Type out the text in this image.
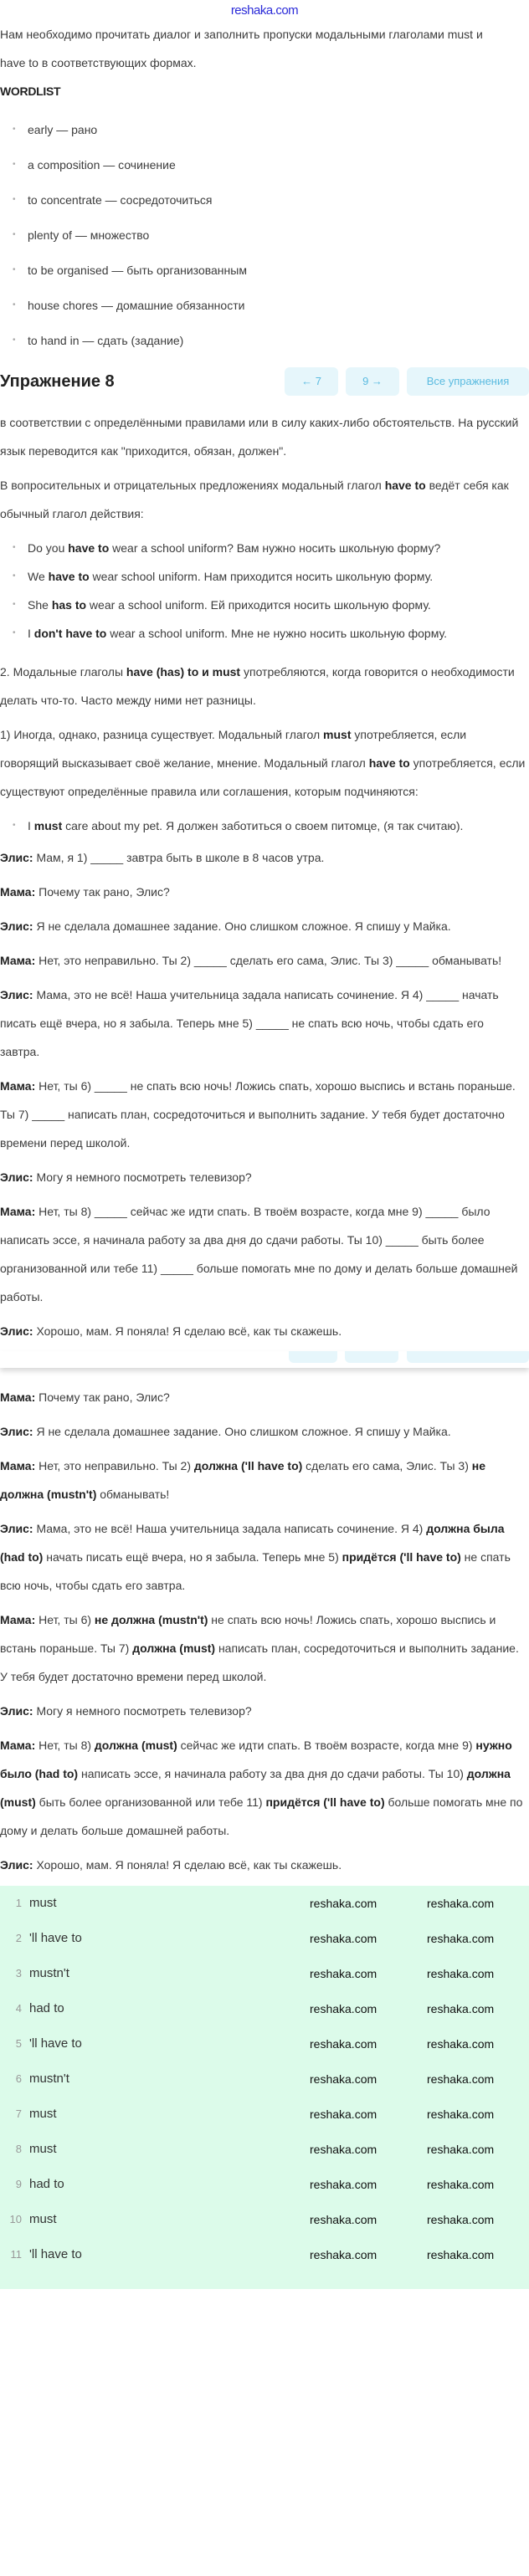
reshaka.com

Нам необходимо прочитать диалог и заполнить пропуски модальными глаголами must и have to в соответствующих формах.

WORDLIST

• early — рано
• a composition — сочинение
• to concentrate — сосредоточиться
• plenty of — множество
• to be organised — быть организованным
• house chores — домашние обязанности
• to hand in — сдать (задание)
Упражнение 8	← 7	9 →	Все упражнения

в соответствии с определёнными правилами или в силу каких-либо обстоятельств. На русский язык переводится как "приходится, обязан, должен".

В вопросительных и отрицательных предложениях модальный глагол have to ведёт себя как обычный глагол действия:

• Do you have to wear a school uniform? Вам нужно носить школьную форму?
• We have to wear school uniform. Нам приходится носить школьную форму.
• She has to wear a school uniform. Ей приходится носить школьную форму.
• I don't have to wear a school uniform. Мне не нужно носить школьную форму.

2. Модальные глаголы have (has) to и must употребляются, когда говорится о необходимости делать что-то. Часто между ними нет разницы.

1) Иногда, однако, разница существует. Модальный глагол must употребляется, если говорящий высказывает своё желание, мнение. Модальный глагол have to употребляется, если существуют определённые правила или соглашения, которым подчиняются:

• I must care about my pet. Я должен заботиться о своем питомце, (я так считаю).

Элис: Мам, я 1) _____ завтра быть в школе в 8 часов утра.

Мама: Почему так рано, Элис?

Элис: Я не сделала домашнее задание. Оно слишком сложное. Я спишу у Майка.

Мама: Нет, это неправильно. Ты 2) _____ сделать его сама, Элис. Ты 3) _____ обманывать!

Элис: Мама, это не всё! Наша учительница задала написать сочинение. Я 4) _____ начать писать ещё вчера, но я забыла. Теперь мне 5) _____ не спать всю ночь, чтобы сдать его завтра.

Мама: Нет, ты 6) _____ не спать всю ночь! Ложись спать, хорошо выспись и встань пораньше. Ты 7) _____ написать план, сосредоточиться и выполнить задание. У тебя будет достаточно времени перед школой.

Элис: Могу я немного посмотреть телевизор?

Мама: Нет, ты 8) _____ сейчас же идти спать. В твоём возрасте, когда мне 9) _____ было написать эссе, я начинала работу за два дня до сдачи работы. Ты 10) _____ быть более организованной или тебе 11) _____ больше помогать мне по дому и делать больше домашней работы.

Элис: Хорошо, мам. Я поняла! Я сделаю всё, как ты скажешь.

Мама: Почему так рано, Элис?

Элис: Я не сделала домашнее задание. Оно слишком сложное. Я спишу у Майка.

Мама: Нет, это неправильно. Ты 2) должна ('ll have to) сделать его сама, Элис. Ты 3) не должна (mustn't) обманывать!

Элис: Мама, это не всё! Наша учительница задала написать сочинение. Я 4) должна была (had to) начать писать ещё вчера, но я забыла. Теперь мне 5) придётся ('ll have to) не спать всю ночь, чтобы сдать его завтра.

Мама: Нет, ты 6) не должна (mustn't) не спать всю ночь! Ложись спать, хорошо выспись и встань пораньше. Ты 7) должна (must) написать план, сосредоточиться и выполнить задание. У тебя будет достаточно времени перед школой.

Элис: Могу я немного посмотреть телевизор?

Мама: Нет, ты 8) должна (must) сейчас же идти спать. В твоём возрасте, когда мне 9) нужно было (had to) написать эссе, я начинала работу за два дня до сдачи работы. Ты 10) должна (must) быть более организованной или тебе 11) придётся ('ll have to) больше помогать мне по дому и делать больше домашней работы.

Элис: Хорошо, мам. Я поняла! Я сделаю всё, как ты скажешь.

1 must	reshaka.com	reshaka.com
2 'll have to	reshaka.com	reshaka.com
3 mustn't	reshaka.com	reshaka.com
4 had to	reshaka.com	reshaka.com
5 'll have to	reshaka.com	reshaka.com
6 mustn't	reshaka.com	reshaka.com
7 must	reshaka.com	reshaka.com
8 must	reshaka.com	reshaka.com
9 had to	reshaka.com	reshaka.com
10 must	reshaka.com	reshaka.com
11 'll have to	reshaka.com	reshaka.com
